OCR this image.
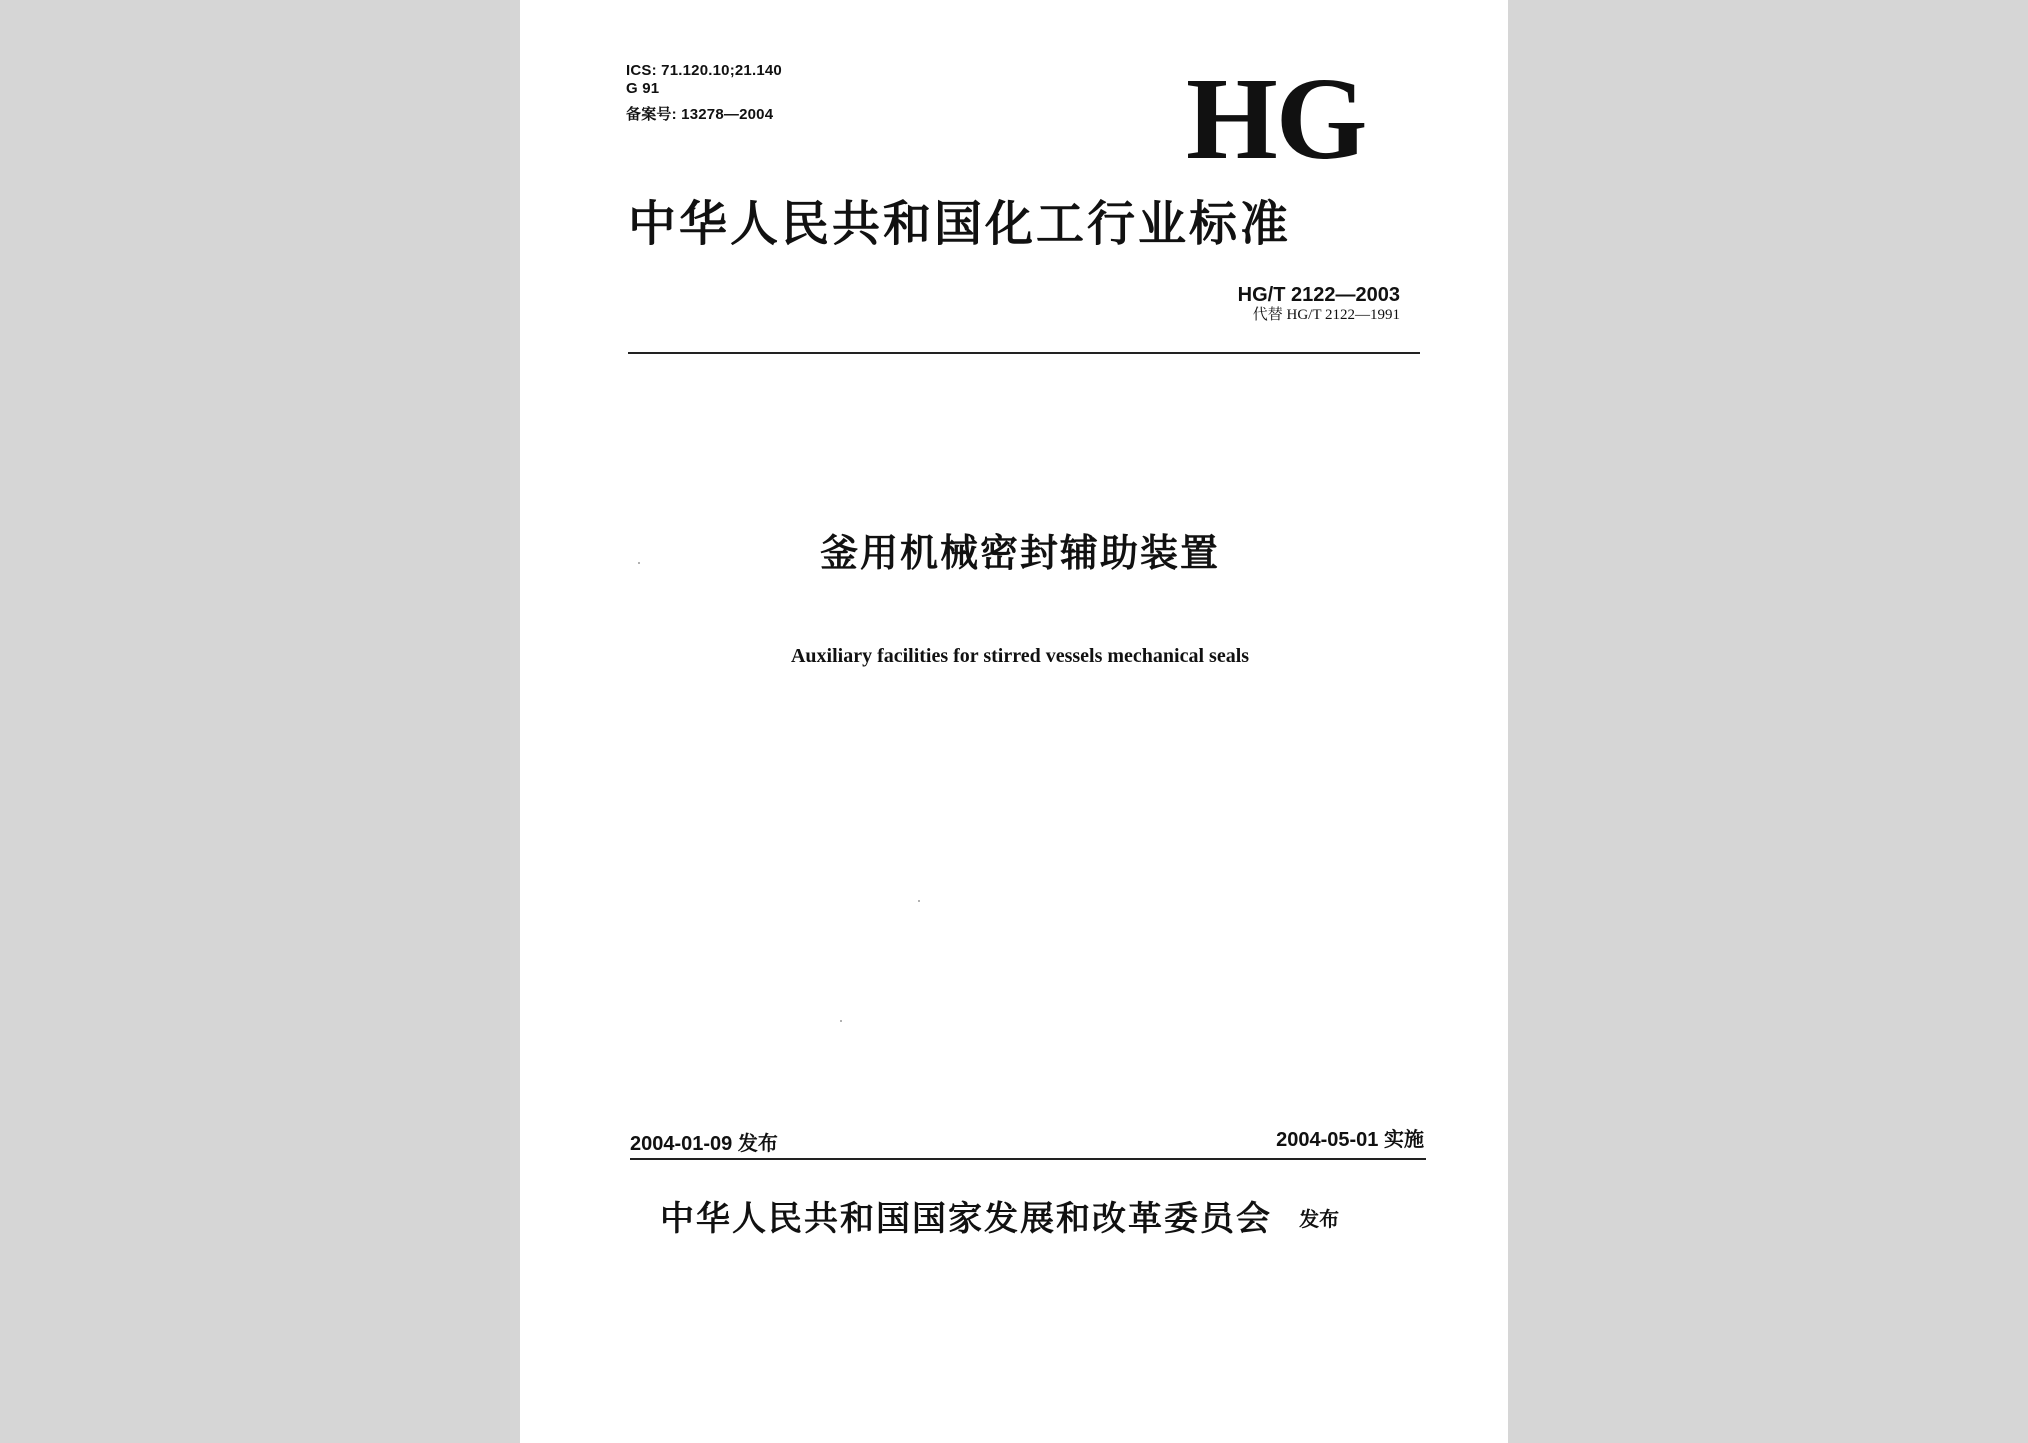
ICS: 71.120.10;21.140
G 91
备案号: 13278—2004	HG
中华人民共和国化工行业标准
HG/T 2122—2003
代替 HG/T 2122—1991
釜用机械密封辅助装置
Auxiliary facilities for stirred vessels mechanical seals
2004-01-09 发布	2004-05-01 实施
中华人民共和国国家发展和改革委员会 发布
